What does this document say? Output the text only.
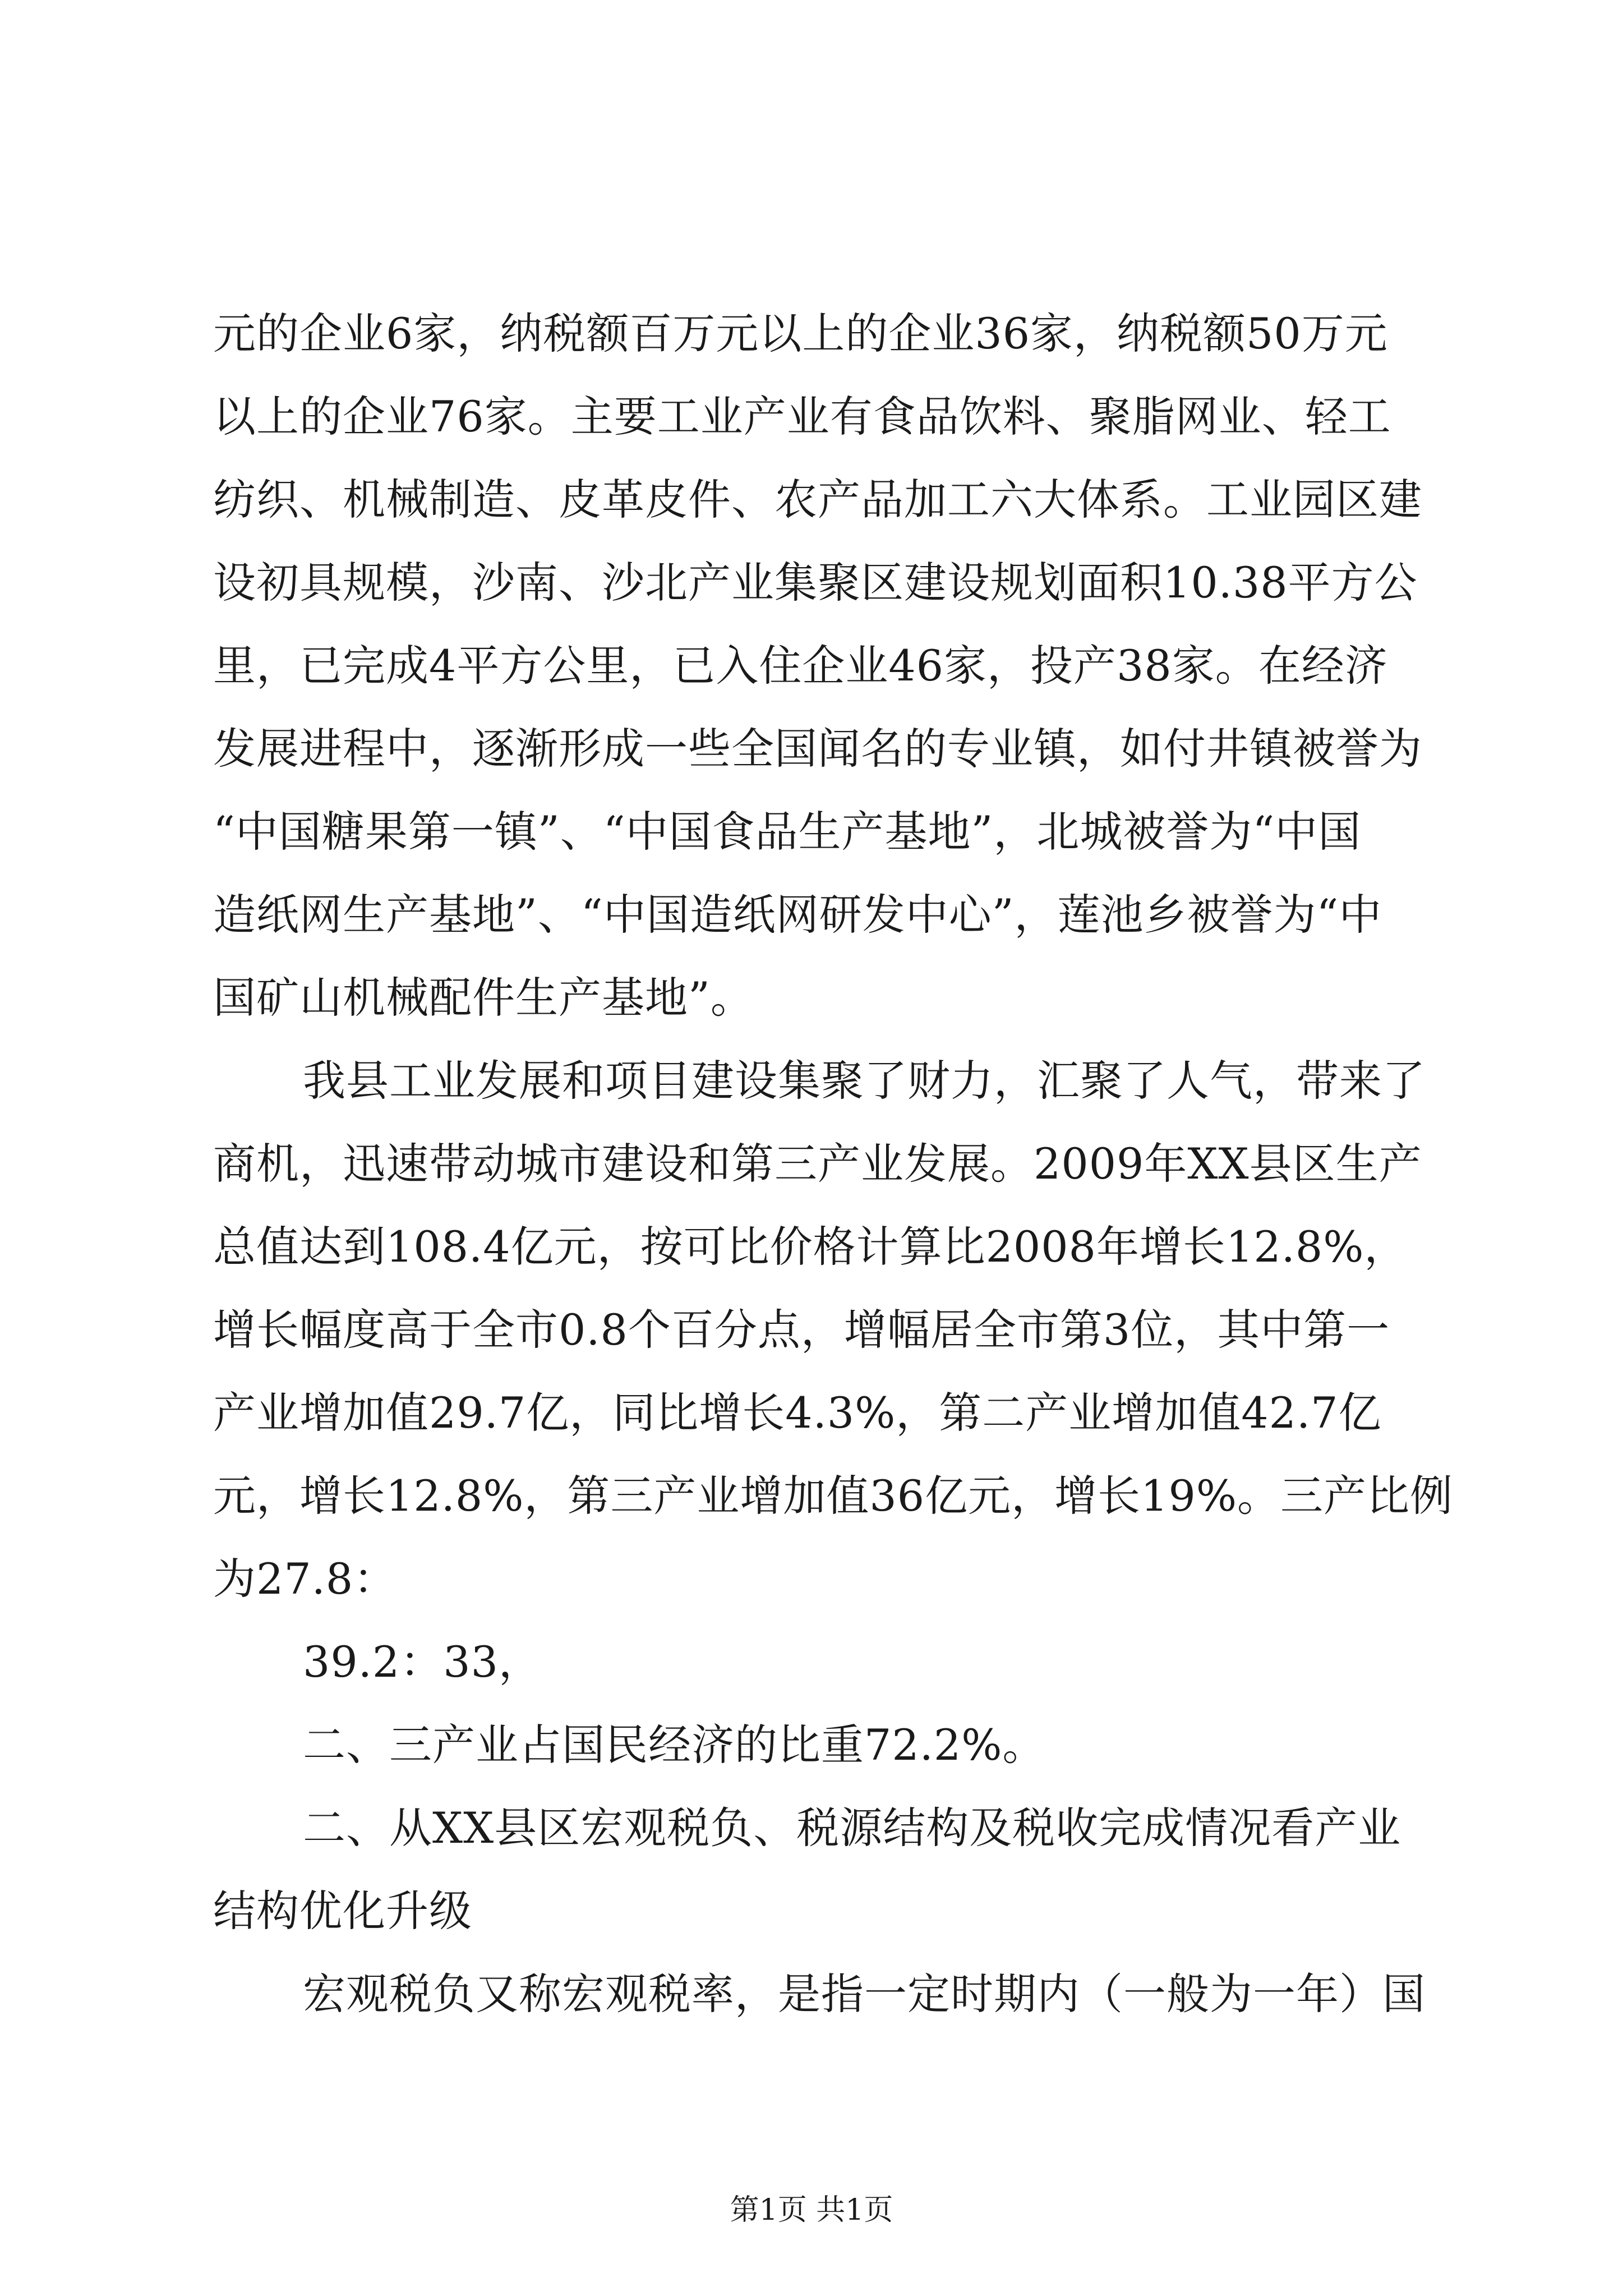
元的企业6家，纳税额百万元以上的企业36家，纳税额50万元
以上的企业76家。主要工业产业有食品饮料、聚脂网业、轻工
纺织、机械制造、皮革皮件、农产品加工六大体系。工业园区建
设初具规模，沙南、沙北产业集聚区建设规划面积10.38平方公
里，已完成4平方公里，已入住企业46家，投产38家。在经济
发展进程中，逐渐形成一些全国闻名的专业镇，如付井镇被誉为
“中国糖果第一镇”、“中国食品生产基地”，北城被誉为“中国
造纸网生产基地”、“中国造纸网研发中心”，莲池乡被誉为“中
国矿山机械配件生产基地”。
我县工业发展和项目建设集聚了财力，汇聚了人气，带来了
商机，迅速带动城市建设和第三产业发展。2009年XX县区生产
总值达到108.4亿元，按可比价格计算比2008年增长12.8%，
增长幅度高于全市0.8个百分点，增幅居全市第3位，其中第一
产业增加值29.7亿，同比增长4.3%，第二产业增加值42.7亿
元，增长12.8%，第三产业增加值36亿元，增长19%。三产比例
为27.8：
39.2：33，
二、三产业占国民经济的比重72.2%。
二、从XX县区宏观税负、税源结构及税收完成情况看产业
结构优化升级
宏观税负又称宏观税率，是指一定时期内（一般为一年）国
第1页 共1页
